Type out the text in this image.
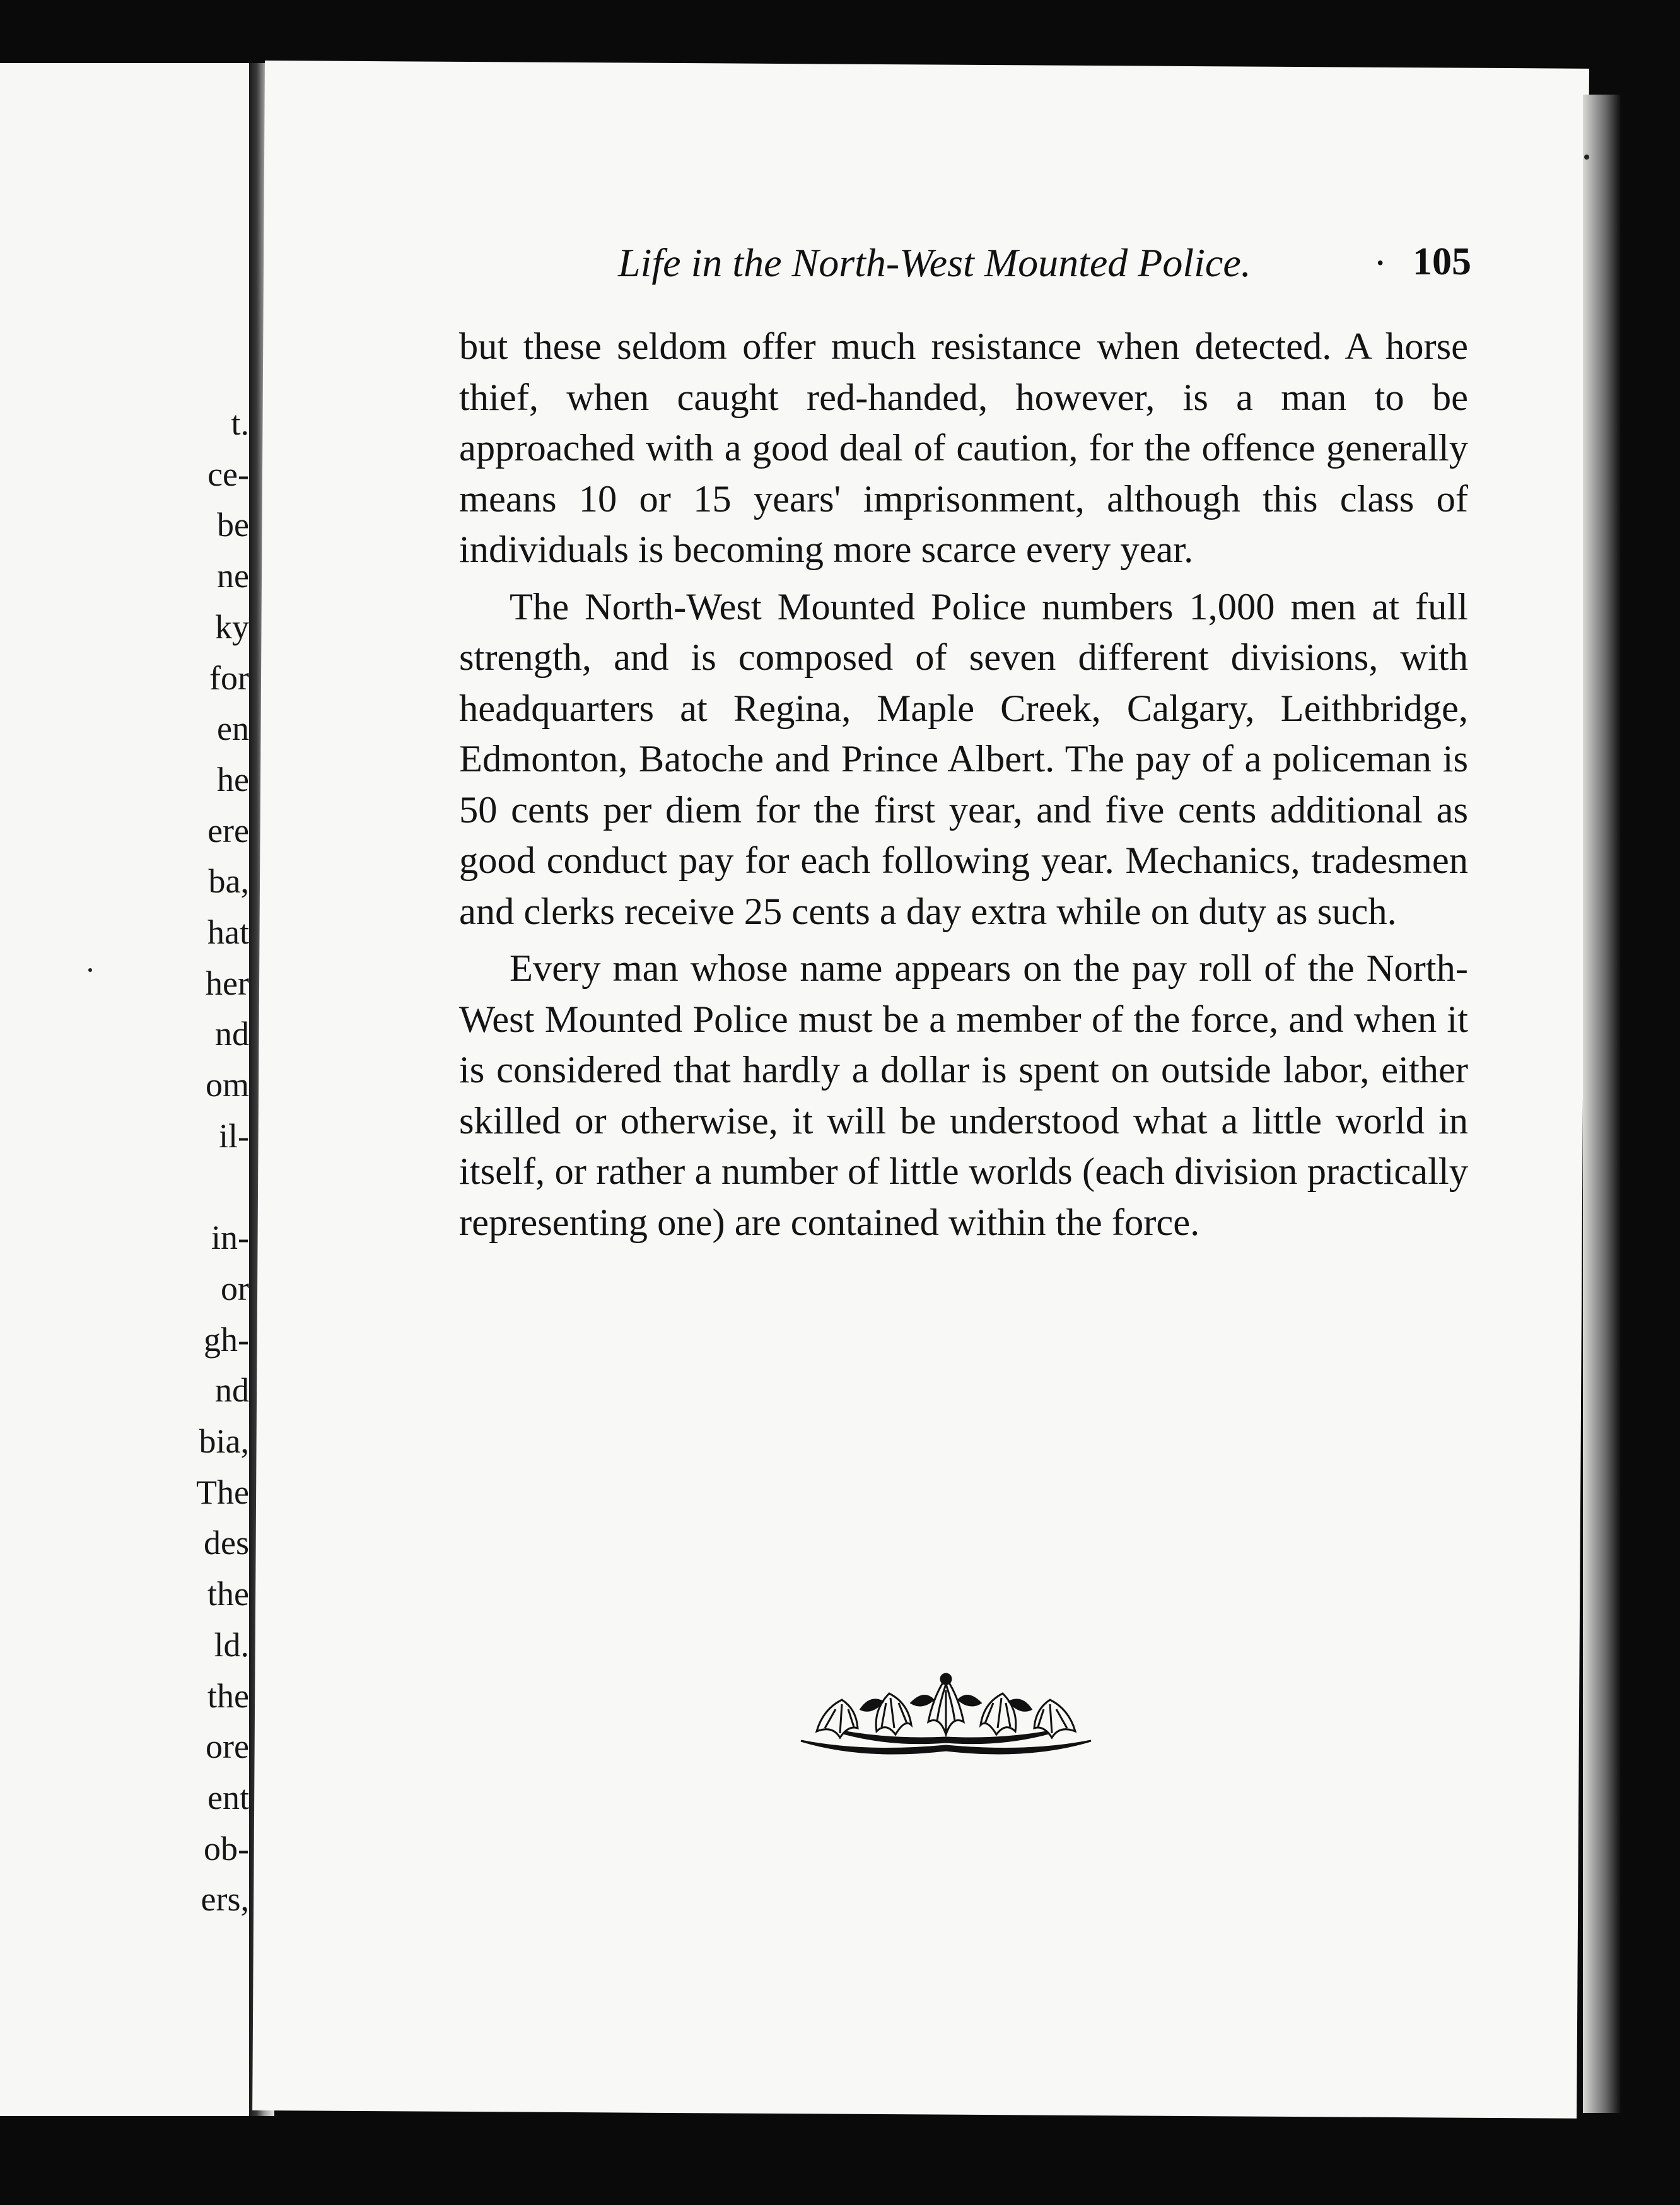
t.
ce-
be
ne
ky
for
en
he
ere
ba,
hat
her
nd
om
il-
in-
or
gh-
nd
bia,
The
des
the
ld.
the
ore
ent
ob-
ers,
Life in the North-West Mounted Police.	· 105

but these seldom offer much resistance when detected. A horse thief, when caught red-handed, however, is a man to be approached with a good deal of caution, for the offence generally means 10 or 15 years' imprisonment, although this class of individuals is becoming more scarce every year.

The North-West Mounted Police numbers 1,000 men at full strength, and is composed of seven different divisions, with headquarters at Regina, Maple Creek, Calgary, Leithbridge, Edmonton, Batoche and Prince Albert. The pay of a policeman is 50 cents per diem for the first year, and five cents additional as good conduct pay for each following year. Mechanics, tradesmen and clerks receive 25 cents a day extra while on duty as such.

Every man whose name appears on the pay roll of the North-West Mounted Police must be a member of the force, and when it is considered that hardly a dollar is spent on outside labor, either skilled or otherwise, it will be understood what a little world in itself, or rather a number of little worlds (each division practically representing one) are contained within the force.
